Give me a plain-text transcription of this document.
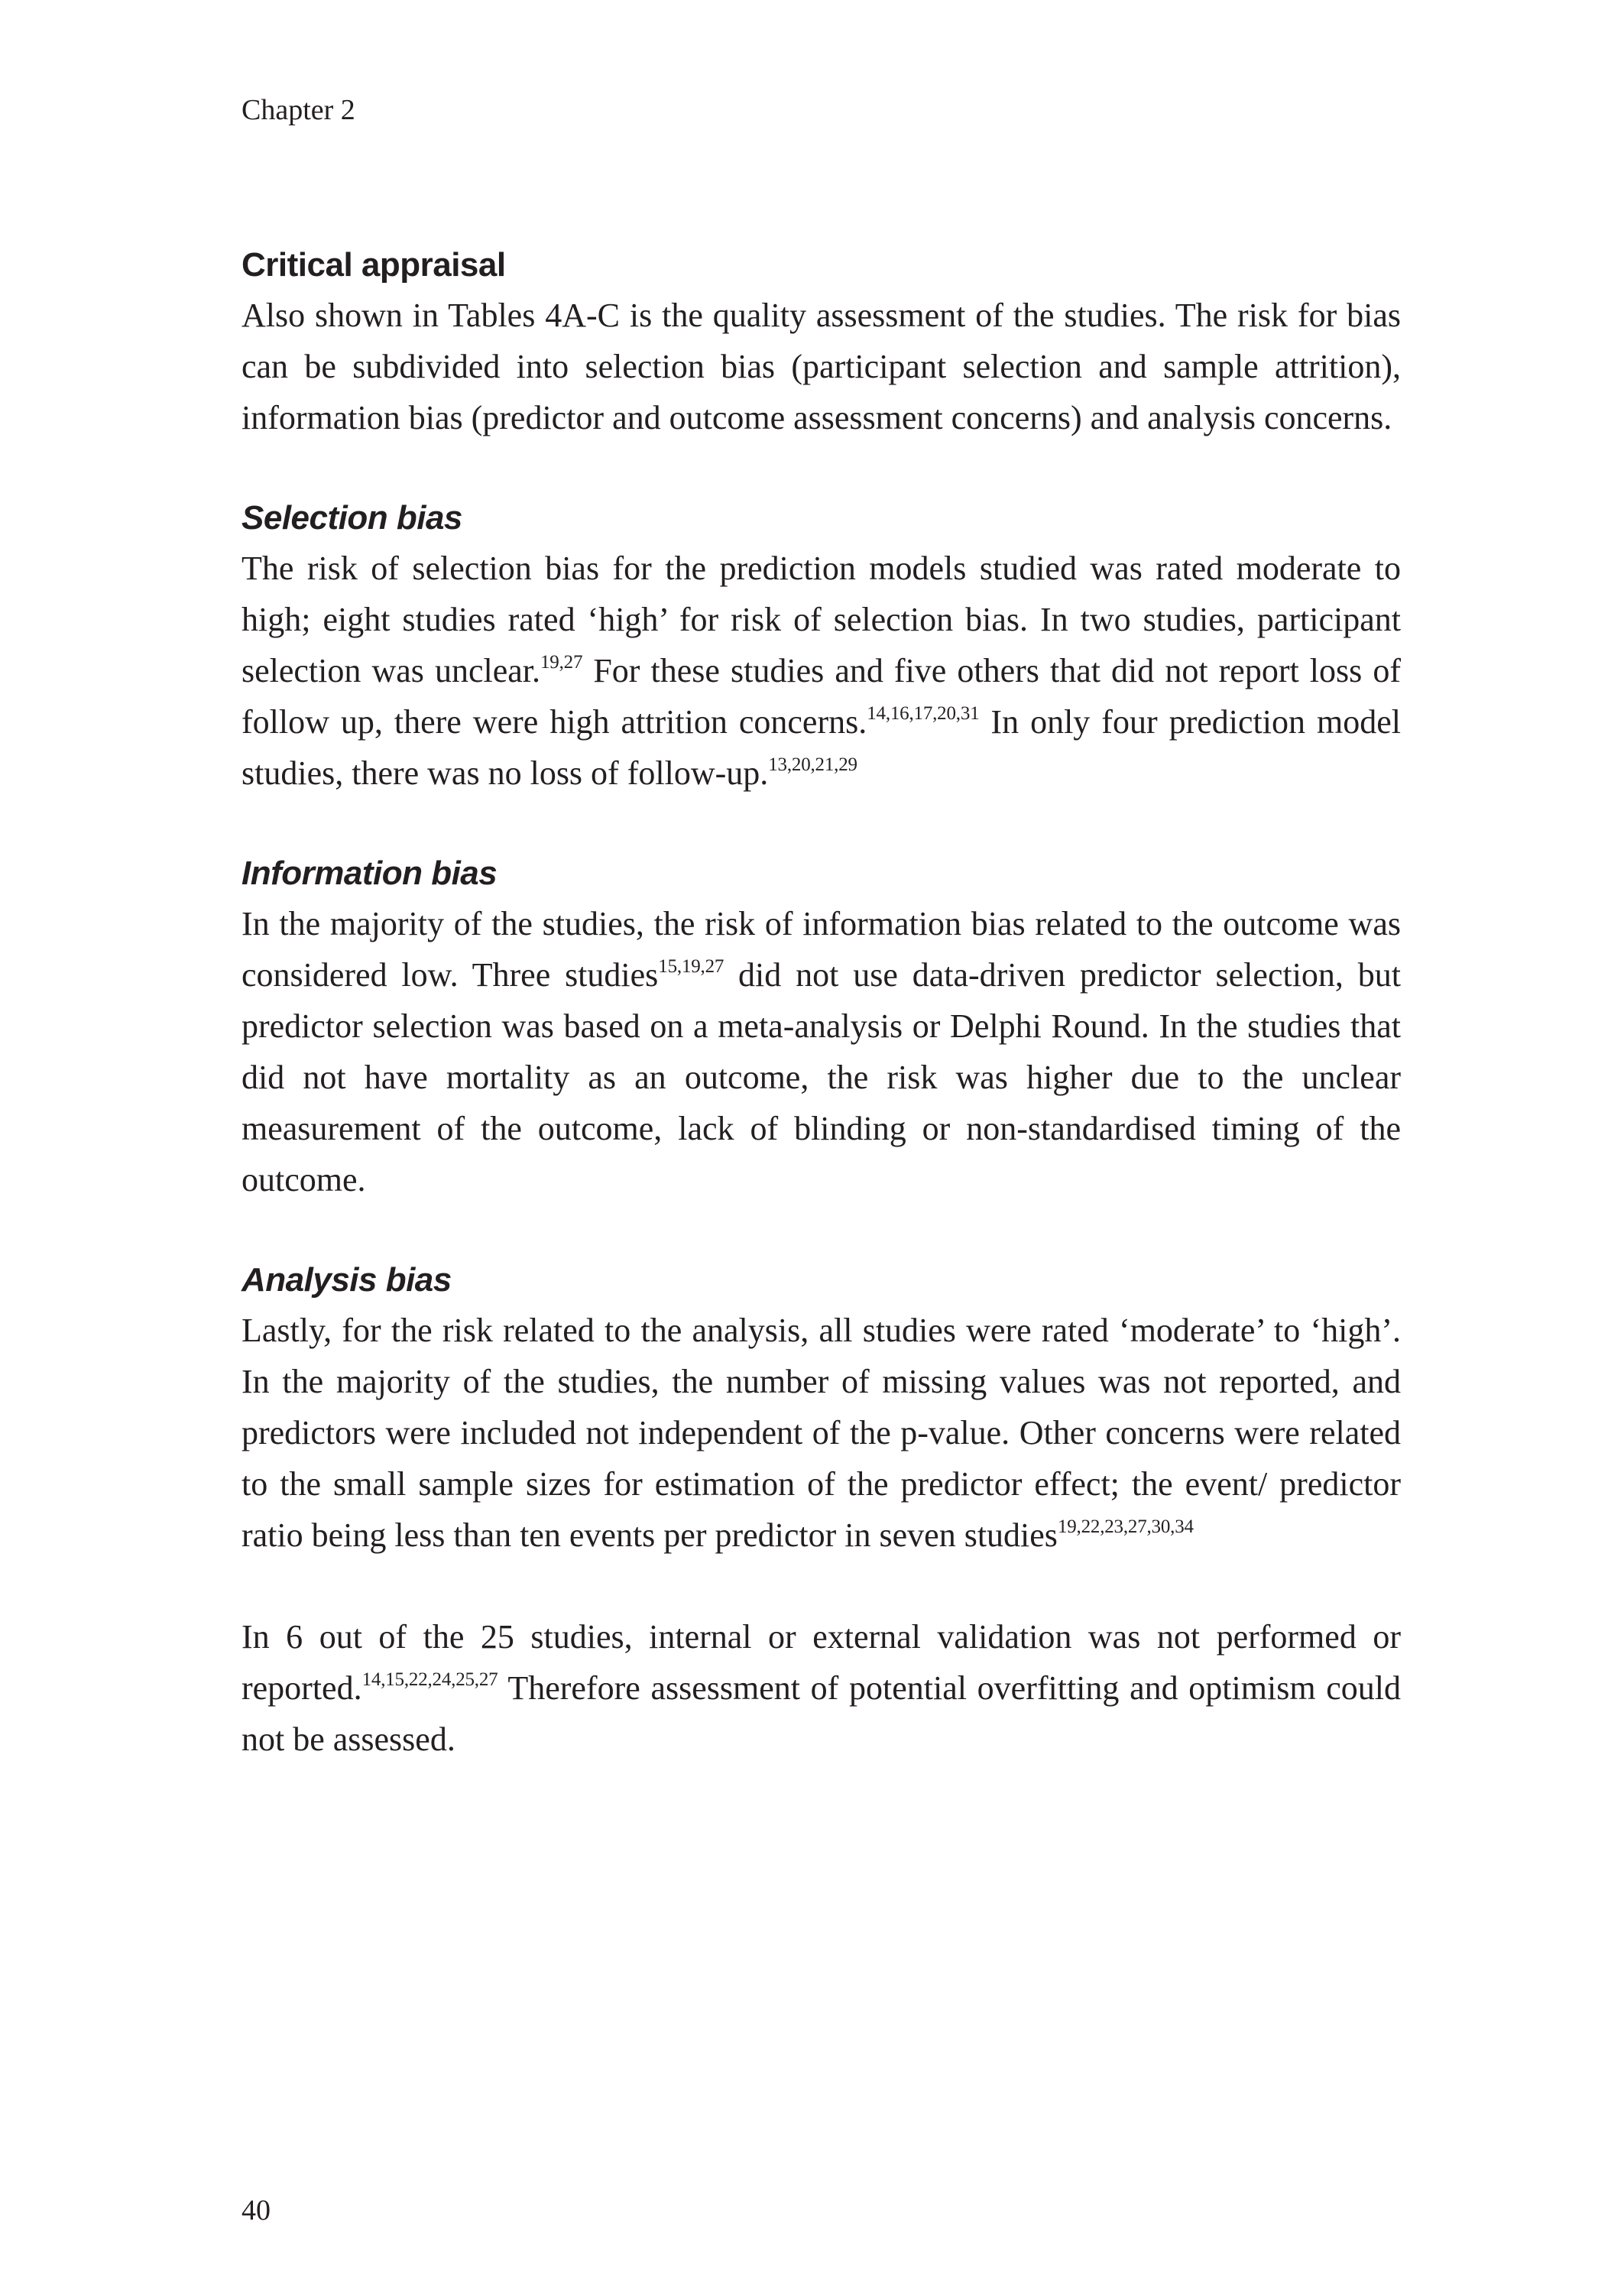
Chapter 2
Critical appraisal

Also shown in Tables 4A-C is the quality assessment of the studies. The risk for bias can be subdivided into selection bias (participant selection and sample attrition), information bias (predictor and outcome assessment concerns) and analysis concerns.

Selection bias

The risk of selection bias for the prediction models studied was rated moderate to high; eight studies rated ‘high’ for risk of selection bias. In two studies, participant selection was unclear.$^{19,27}$ For these studies and five others that did not report loss of follow up, there were high attrition concerns.$^{14,16,17,20,31}$ In only four prediction model studies, there was no loss of follow-up.$^{13,20,21,29}$

Information bias

In the majority of the studies, the risk of information bias related to the outcome was considered low. Three studies$^{15,19,27}$ did not use data-driven predictor selection, but predictor selection was based on a meta-analysis or Delphi Round. In the studies that did not have mortality as an outcome, the risk was higher due to the unclear measurement of the outcome, lack of blinding or non-standardised timing of the outcome.

Analysis bias

Lastly, for the risk related to the analysis, all studies were rated ‘moderate’ to ‘high’. In the majority of the studies, the number of missing values was not reported, and predictors were included not independent of the p-value. Other concerns were related to the small sample sizes for estimation of the predictor effect; the event/ predictor ratio being less than ten events per predictor in seven studies$^{19,22,23,27,30,34}$

In 6 out of the 25 studies, internal or external validation was not performed or reported.$^{14,15,22,24,25,27}$ Therefore assessment of potential overfitting and optimism could not be assessed.

40
